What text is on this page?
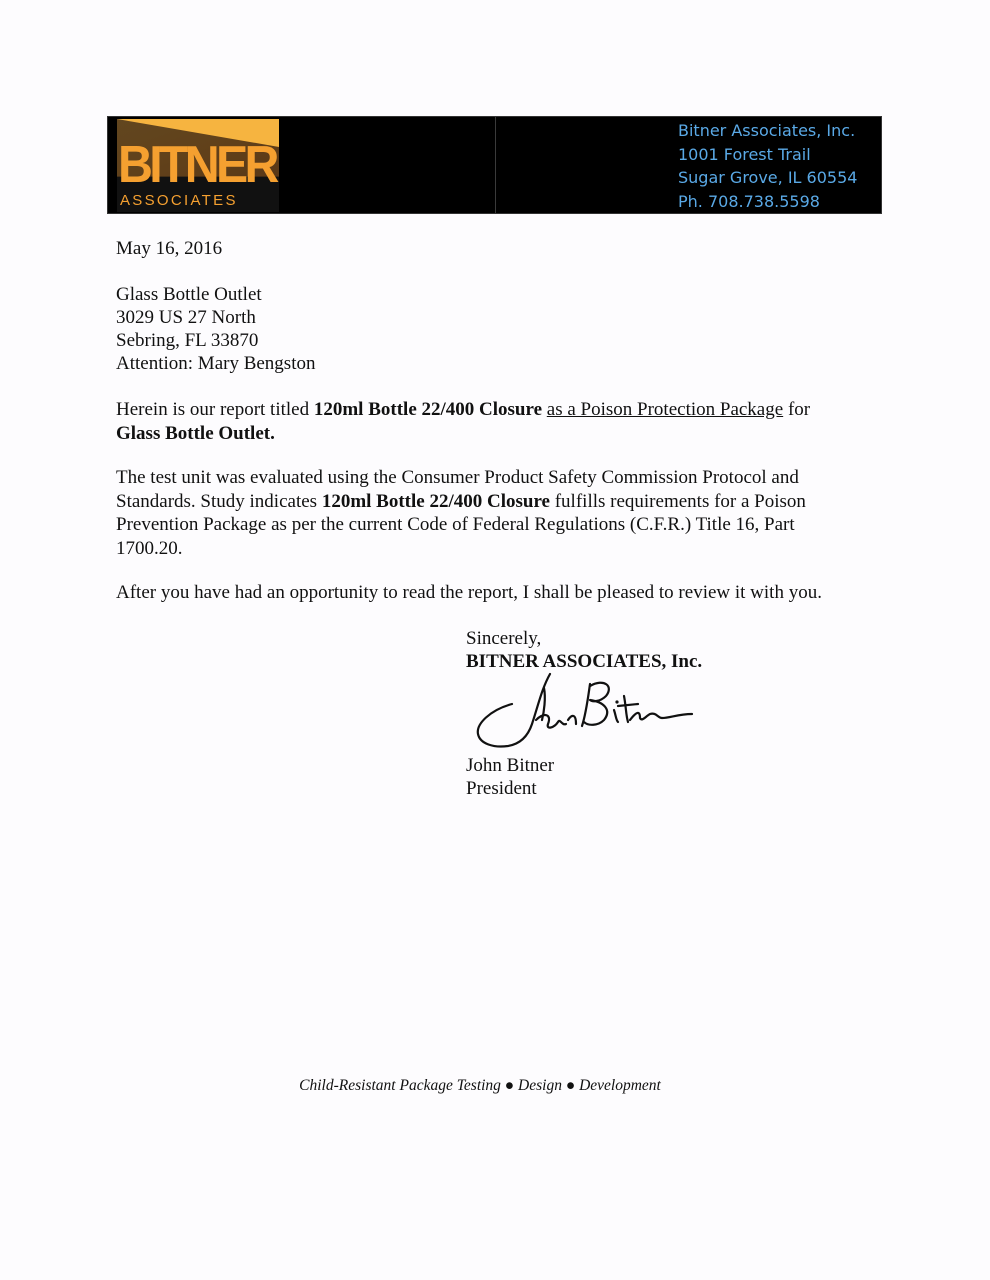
BITNER
ASSOCIATES
Bitner Associates, Inc.
1001 Forest Trail
Sugar Grove, IL 60554
Ph. 708.738.5598
May 16, 2016
Glass Bottle Outlet
3029 US 27 North
Sebring, FL 33870
Attention: Mary Bengston
Herein is our report titled 120ml Bottle 22/400 Closure as a Poison Protection Package for
Glass Bottle Outlet.
The test unit was evaluated using the Consumer Product Safety Commission Protocol and Standards. Study indicates 120ml Bottle 22/400 Closure fulfills requirements for a Poison Prevention Package as per the current Code of Federal Regulations (C.F.R.) Title 16, Part 1700.20.
After you have had an opportunity to read the report, I shall be pleased to review it with you.
Sincerely,
BITNER ASSOCIATES, Inc.
John Bitner
President
Child-Resistant Package Testing ● Design ● Development
